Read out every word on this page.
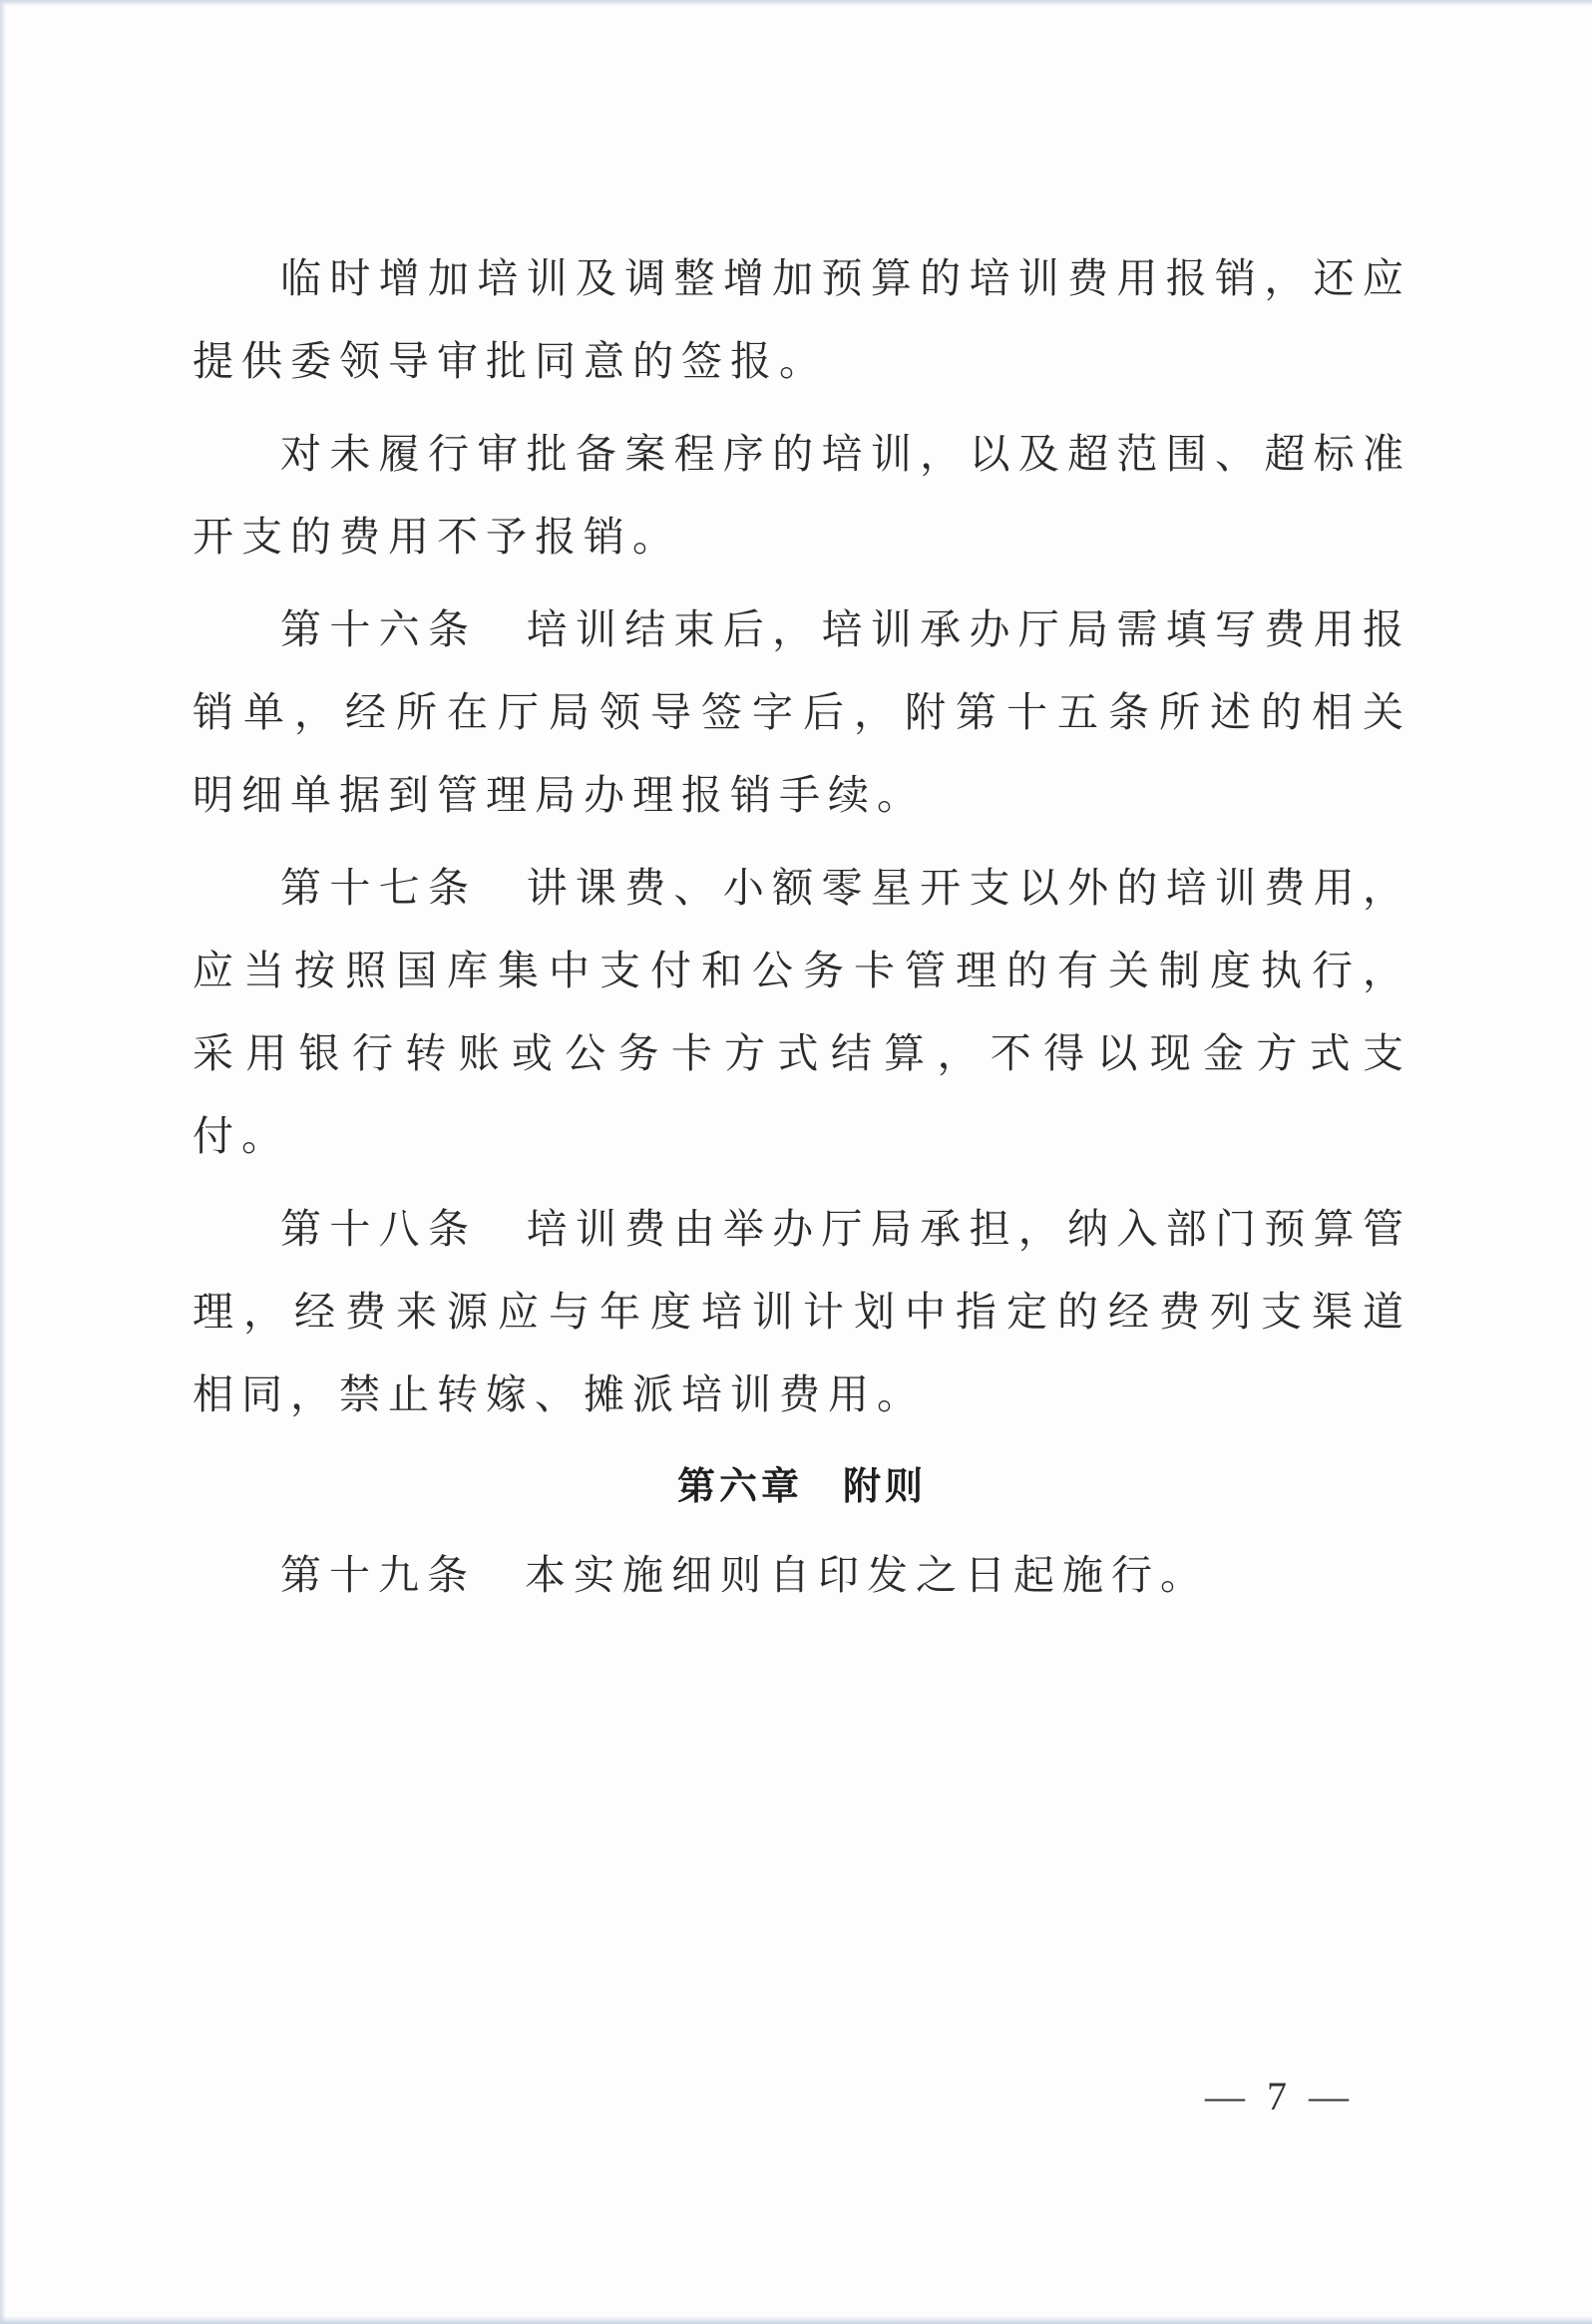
临时增加培训及调整增加预算的培训费用报销，还应提供委领导审批同意的签报。

对未履行审批备案程序的培训，以及超范围、超标准开支的费用不予报销。

第十六条　培训结束后，培训承办厅局需填写费用报销单，经所在厅局领导签字后，附第十五条所述的相关明细单据到管理局办理报销手续。

第十七条　讲课费、小额零星开支以外的培训费用，应当按照国库集中支付和公务卡管理的有关制度执行，采用银行转账或公务卡方式结算，不得以现金方式支付。

第十八条　培训费由举办厅局承担，纳入部门预算管理，经费来源应与年度培训计划中指定的经费列支渠道相同，禁止转嫁、摊派培训费用。

第六章 附则

第十九条　本实施细则自印发之日起施行。

— 7 —
